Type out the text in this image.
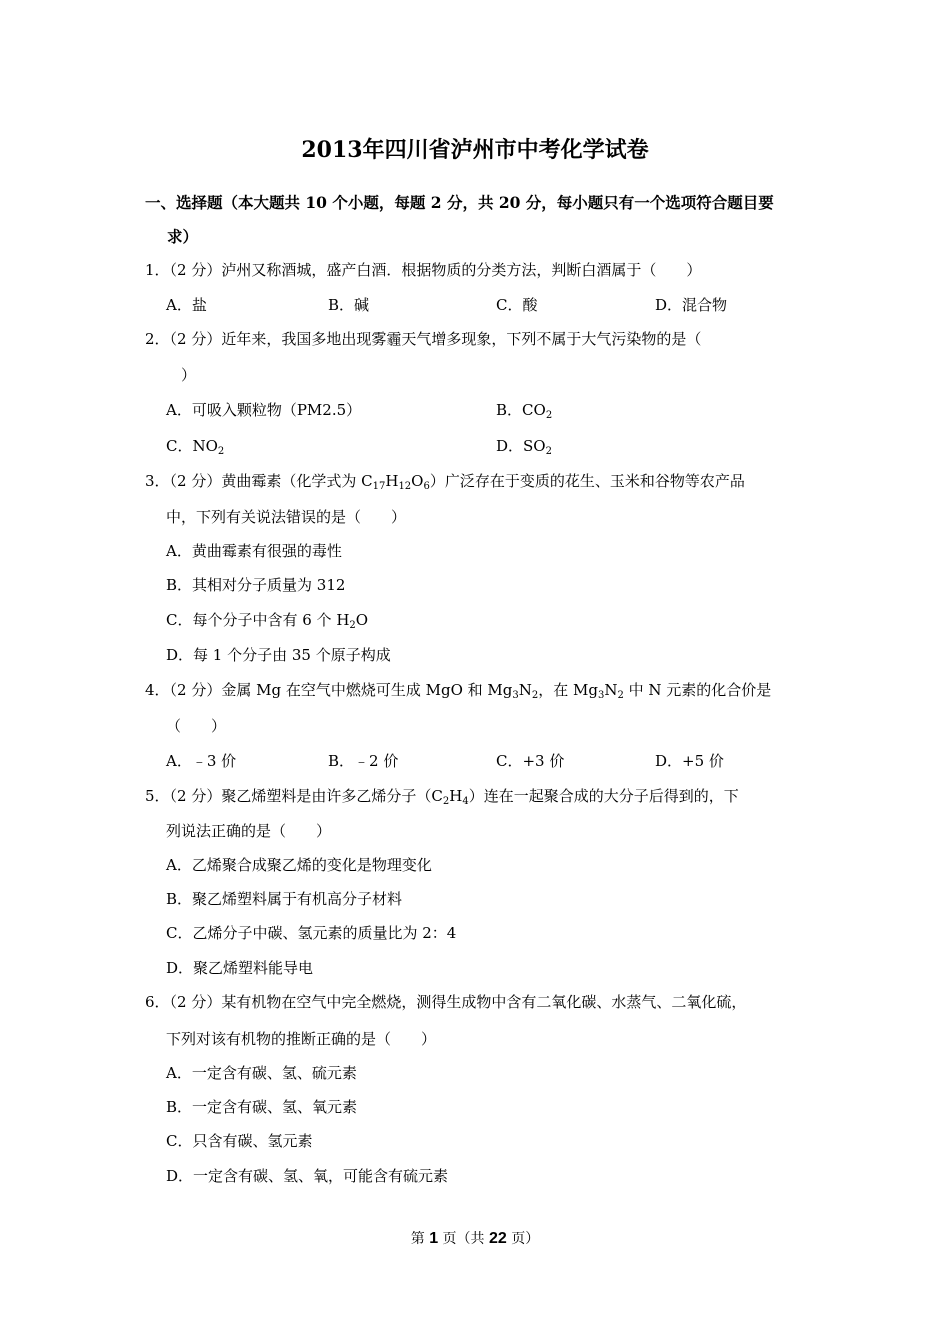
2013年四川省泸州市中考化学试卷
一、选择题（本大题共 10 个小题，每题 2 分，共 20 分，每小题只有一个选项符合题目要
求）
1．（2 分）泸州又称酒城，盛产白酒．根据物质的分类方法，判断白酒属于（　　）
A．盐	B．碱	C．酸	D．混合物
2．（2 分）近年来，我国多地出现雾霾天气增多现象，下列不属于大气污染物的是（
）
A．可吸入颗粒物（PM2.5）	B．$CO_2$
C．$NO_2$	D．$SO_2$
3．（2 分）黄曲霉素（化学式为 $C_{17}H_{12}O_6$）广泛存在于变质的花生、玉米和谷物等农产品
中，下列有关说法错误的是（　　）
A．黄曲霉素有很强的毒性
B．其相对分子质量为 312
C．每个分子中含有 6 个 $H_2O$
D．每 1 个分子由 35 个原子构成
4．（2 分）金属 Mg 在空气中燃烧可生成 MgO 和 $Mg_3N_2$，在 $Mg_3N_2$ 中 N 元素的化合价是
（　　）
A．﹣3 价	B．﹣2 价	C．+3 价	D．+5 价
5．（2 分）聚乙烯塑料是由许多乙烯分子$(C_2H_4)$连在一起聚合成的大分子后得到的，下
列说法正确的是（　　）
A．乙烯聚合成聚乙烯的变化是物理变化
B．聚乙烯塑料属于有机高分子材料
C．乙烯分子中碳、氢元素的质量比为 2：4
D．聚乙烯塑料能导电
6．（2 分）某有机物在空气中完全燃烧，测得生成物中含有二氧化碳、水蒸气、二氧化硫，
下列对该有机物的推断正确的是（　　）
A．一定含有碳、氢、硫元素
B．一定含有碳、氢、氧元素
C．只含有碳、氢元素
D．一定含有碳、氢、氧，可能含有硫元素
第 1 页（共 22 页）
